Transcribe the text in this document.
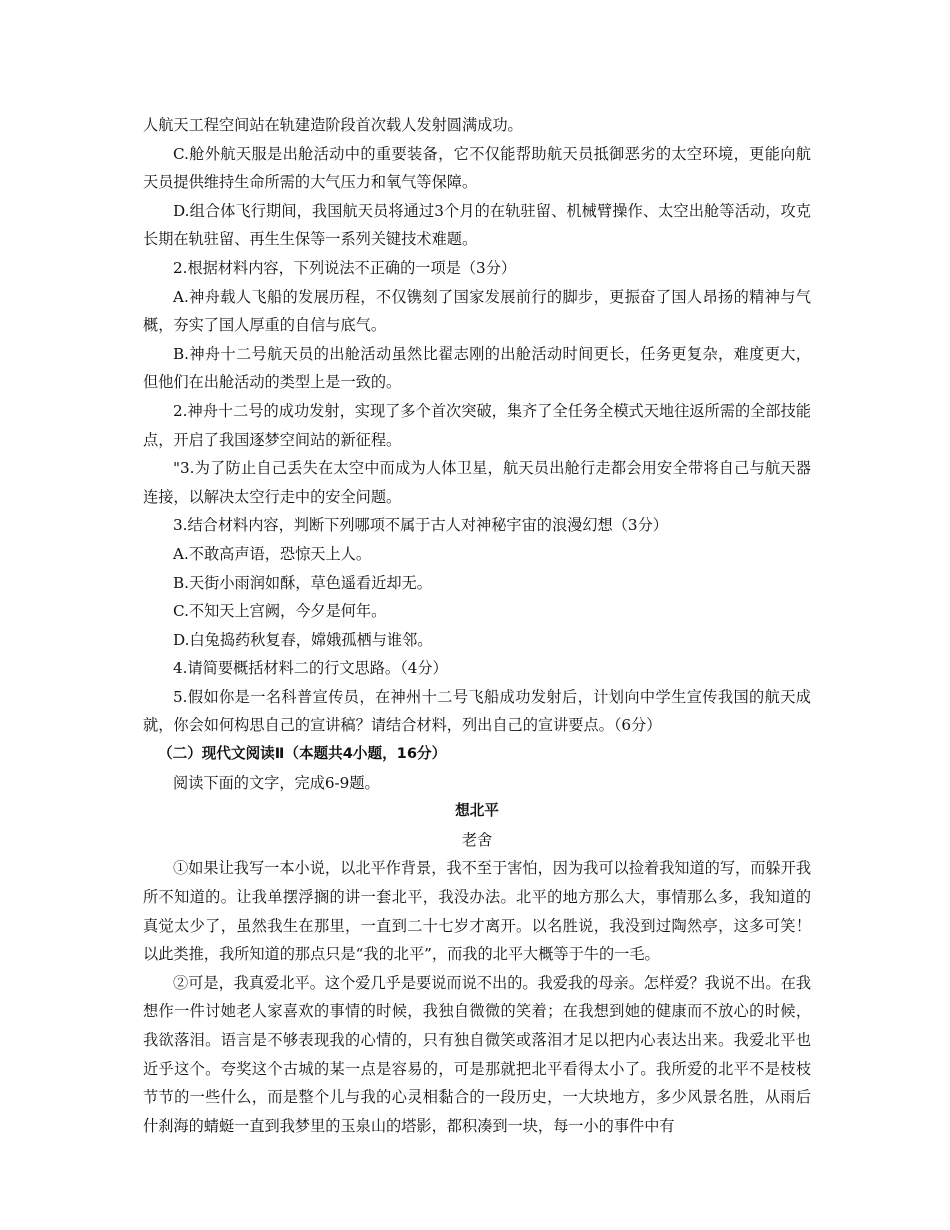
人航天工程空间站在轨建造阶段首次载人发射圆满成功。

C.舱外航天服是出舱活动中的重要装备，它不仅能帮助航天员抵御恶劣的太空环境，更能向航天员提供维持生命所需的大气压力和氧气等保障。

D.组合体飞行期间，我国航天员将通过3个月的在轨驻留、机械臂操作、太空出舱等活动，攻克长期在轨驻留、再生生保等一系列关键技术难题。

2.根据材料内容，下列说法不正确的一项是（3分）

A.神舟载人飞船的发展历程，不仅镌刻了国家发展前行的脚步，更振奋了国人昂扬的精神与气概，夯实了国人厚重的自信与底气。

B.神舟十二号航天员的出舱活动虽然比翟志刚的出舱活动时间更长，任务更复杂，难度更大，但他们在出舱活动的类型上是一致的。

2.神舟十二号的成功发射，实现了多个首次突破，集齐了全任务全模式天地往返所需的全部技能点，开启了我国逐梦空间站的新征程。

"3.为了防止自己丢失在太空中而成为人体卫星，航天员出舱行走都会用安全带将自己与航天器连接，以解决太空行走中的安全问题。

3.结合材料内容，判断下列哪项不属于古人对神秘宇宙的浪漫幻想（3分）

A.不敢高声语，恐惊天上人。

B.天街小雨润如酥，草色遥看近却无。

C.不知天上宫阙，今夕是何年。

D.白兔捣药秋复春，嫦娥孤栖与谁邻。

4.请简要概括材料二的行文思路。（4分）

5.假如你是一名科普宣传员，在神州十二号飞船成功发射后，计划向中学生宣传我国的航天成就，你会如何构思自己的宣讲稿？请结合材料，列出自己的宣讲要点。（6分）

（二）现代文阅读Ⅱ（本题共4小题，16分）

阅读下面的文字，完成6-9题。

想北平

老舍

①如果让我写一本小说，以北平作背景，我不至于害怕，因为我可以捡着我知道的写，而躲开我所不知道的。让我单摆浮搁的讲一套北平，我没办法。北平的地方那么大，事情那么多，我知道的真觉太少了，虽然我生在那里，一直到二十七岁才离开。以名胜说，我没到过陶然亭，这多可笑！以此类推，我所知道的那点只是“我的北平”，而我的北平大概等于牛的一毛。

②可是，我真爱北平。这个爱几乎是要说而说不出的。我爱我的母亲。怎样爱？我说不出。在我想作一件讨她老人家喜欢的事情的时候，我独自微微的笑着；在我想到她的健康而不放心的时候，我欲落泪。语言是不够表现我的心情的，只有独自微笑或落泪才足以把内心表达出来。我爱北平也近乎这个。夸奖这个古城的某一点是容易的，可是那就把北平看得太小了。我所爱的北平不是枝枝节节的一些什么，而是整个儿与我的心灵相黏合的一段历史，一大块地方，多少风景名胜，从雨后什刹海的蜻蜓一直到我梦里的玉泉山的塔影，都积凑到一块，每一小的事件中有
